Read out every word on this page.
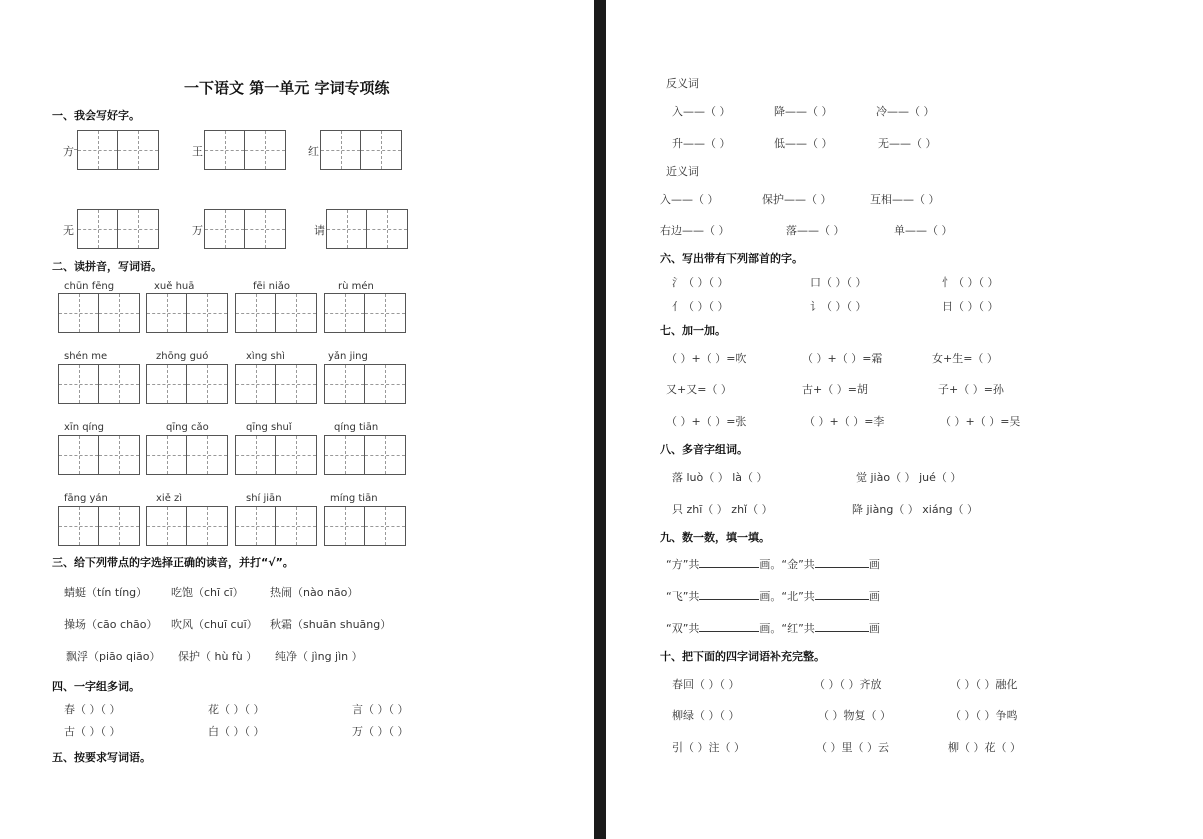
一下语文 第一单元 字词专项练
一、我会写好字。
方	王	红
无	万	请
二、读拼音，写词语。
chūn fēng	xuě huā	fēi niǎo	rù mén
shén me	zhōng guó	xìng shì	yǎn jing
xīn qíng	qīng cǎo	qīng shuǐ	qíng tiān
fāng yán	xiě zì	shí jiān	míng tiān
三、给下列带点的字选择正确的读音，并打“√”。
蜻蜓（tín tíng） 吃饱（chī cī） 热闹（nào nāo）
操场（cāo chāo） 吹风（chuī cuī） 秋霜（shuān shuāng）
飘浮（piāo qiāo） 保护（ hù fù ） 纯净（ jìng jìn ）
四、一字组多词。
春（ ）（ ）	花（ ）（ ）	言（ ）（ ）
古（ ）（ ）	白（ ）（ ）	万（ ）（ ）
五、按要求写词语。
反义词
入——（ ）	降——（ ）	冷——（ ）
升——（ ）	低——（ ）	无——（ ）
近义词
入——（ ）	保护——（ ）	互相——（ ）
右边——（ ）	落——（ ）	单——（ ）
六、写出带有下列部首的字。
氵（ ）（ ）	口（ ）（ ）	忄（ ）（ ）
亻（ ）（ ）	讠（ ）（ ）	日（ ）（ ）
七、加一加。
（ ）+（ ）=吹	（ ）+（ ）=霜	女+生=（ ）
又+又=（ ）	古+（ ）=胡	子+（ ）=孙
（ ）+（ ）=张	（ ）+（ ）=李	（ ）+（ ）=吴
八、多音字组词。
落 luò（ ） là（ ）	觉 jiào（ ） jué（ ）
只 zhī（ ） zhǐ（ ）	降 jiàng（ ） xiáng（ ）
九、数一数，填一填。
“方”共	画。“金”共	画
“飞”共	画。“北”共	画
“双”共	画。“红”共	画
十、把下面的四字词语补充完整。
春回（ ）（ ）	（ ）（ ）齐放	（ ）（ ）融化
柳绿（ ）（ ）	（ ）物复（ ）	（ ）（ ）争鸣
引（ ）注（ ）	（ ）里（ ）云	柳（ ）花（ ）
